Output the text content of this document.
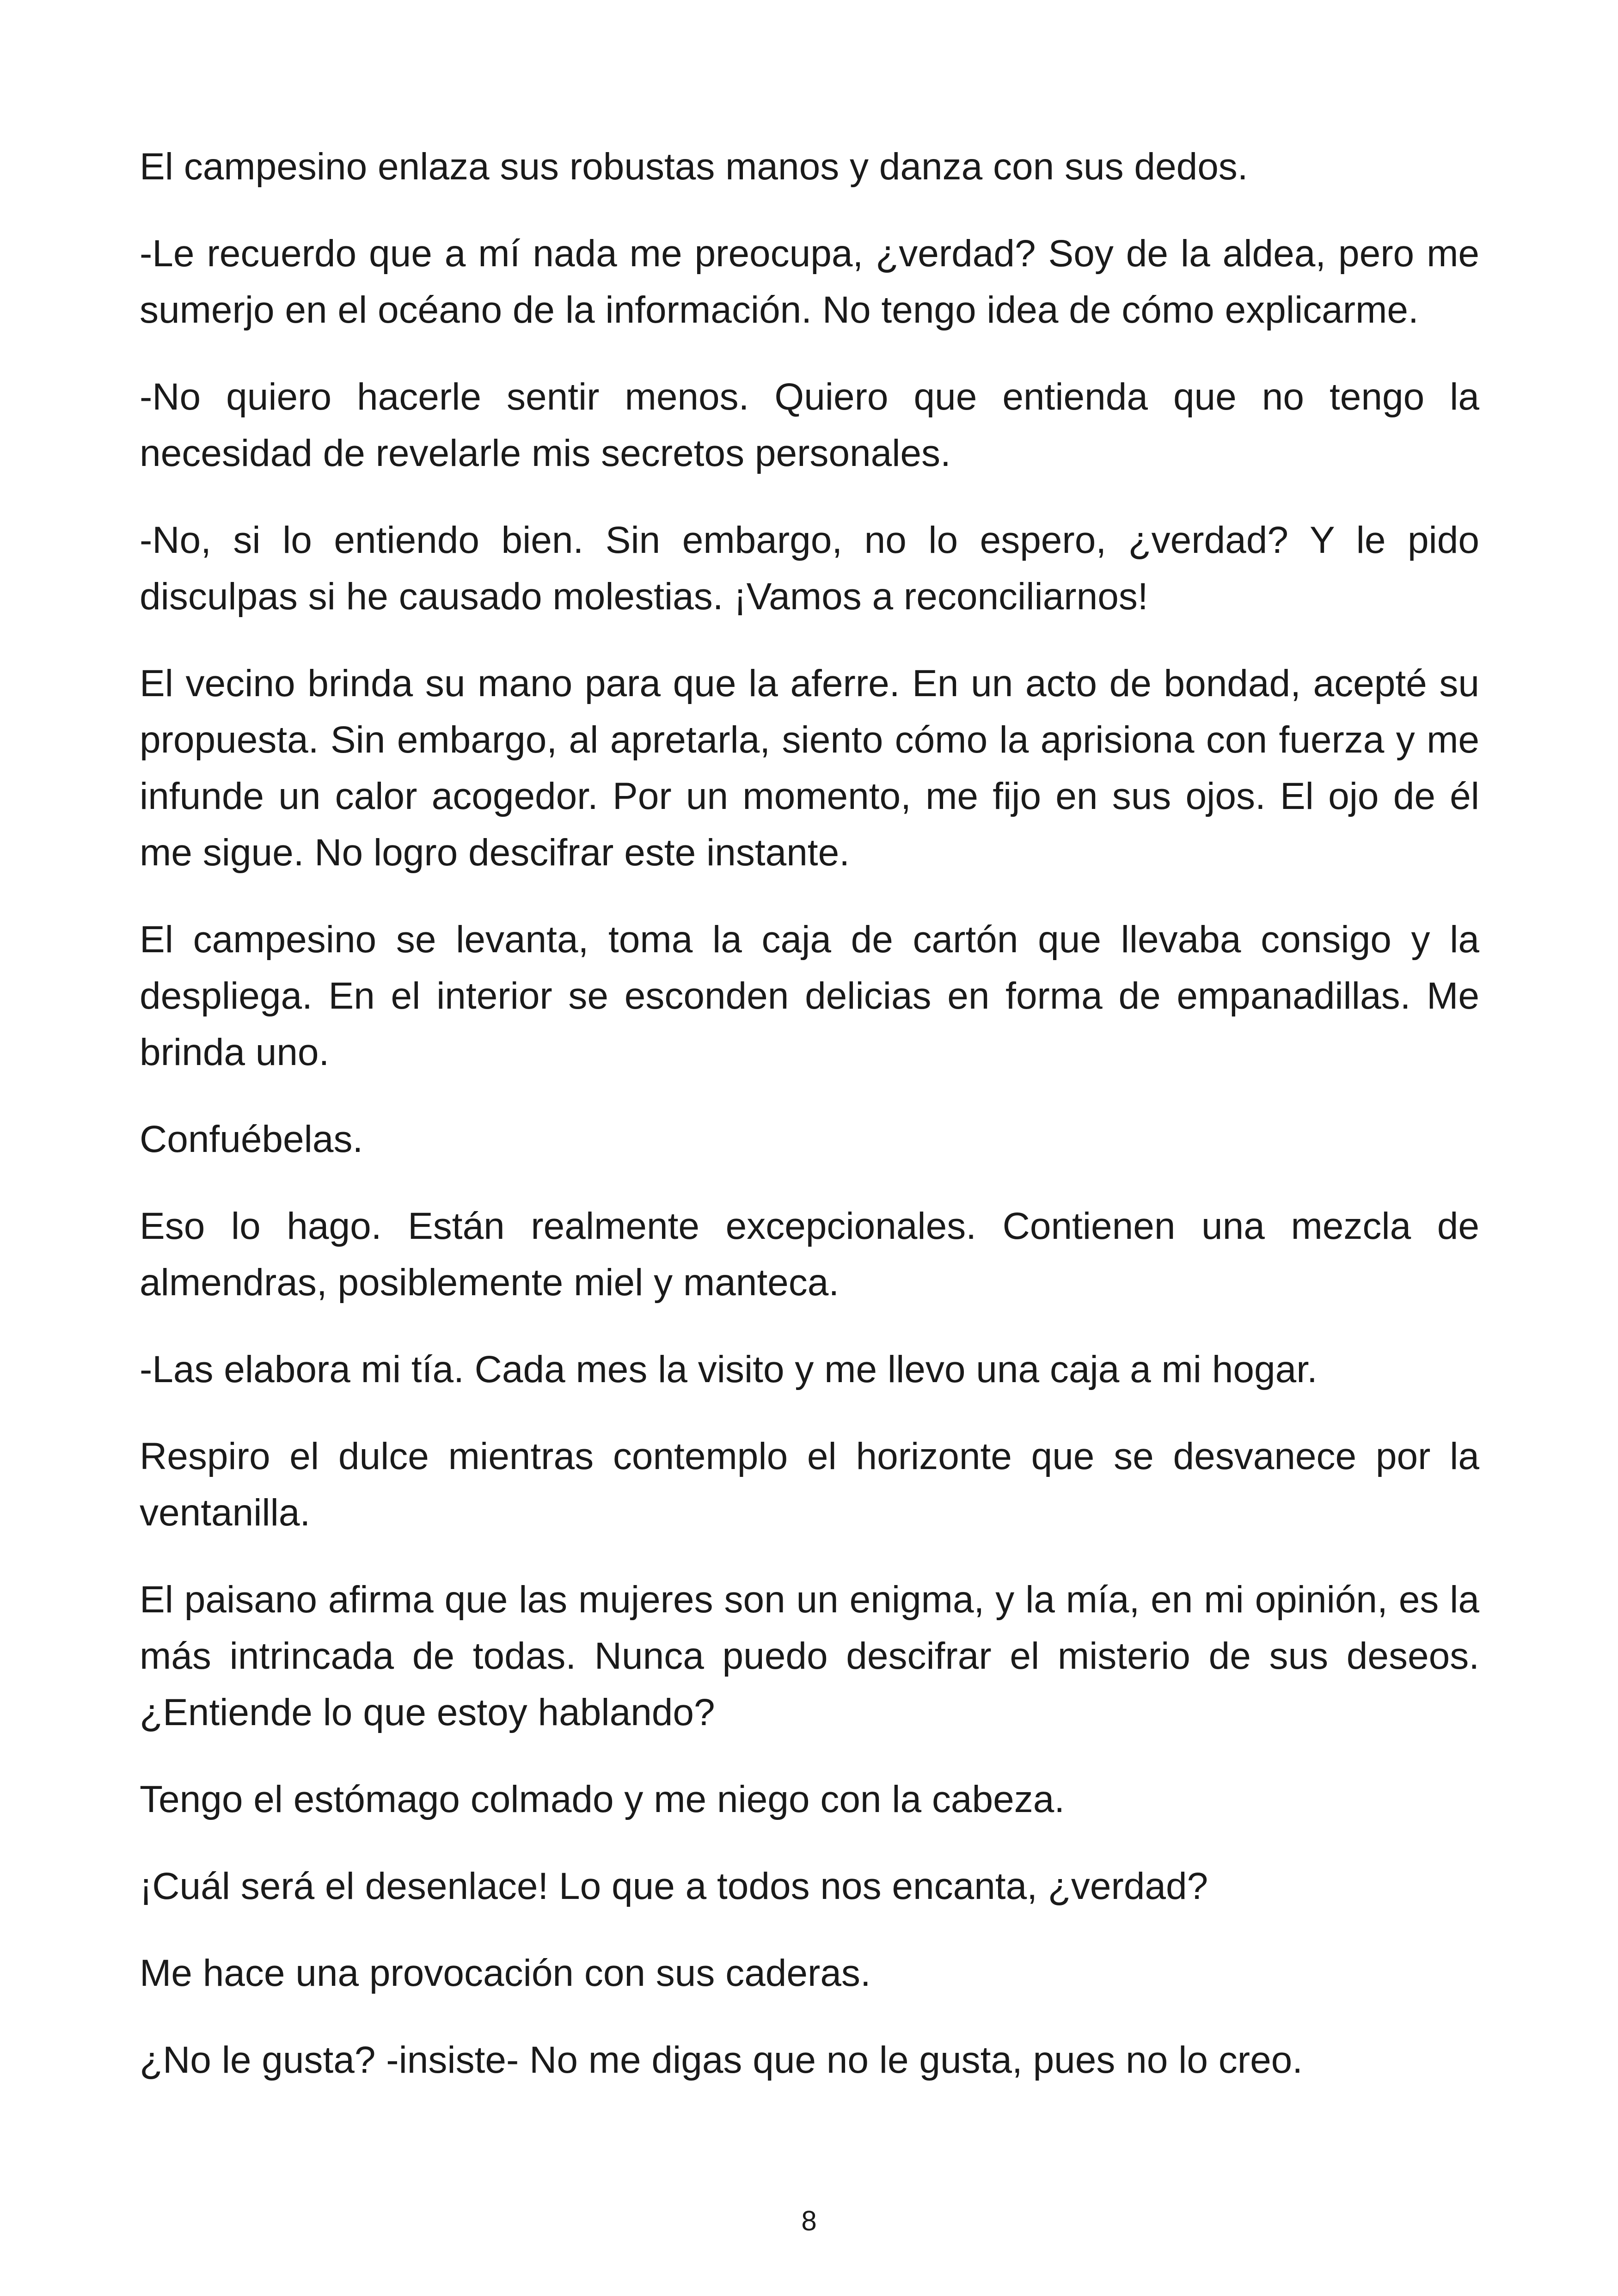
El campesino enlaza sus robustas manos y danza con sus dedos.

-Le recuerdo que a mí nada me preocupa, ¿verdad? Soy de la aldea, pero me sumerjo en el océano de la información. No tengo idea de cómo explicarme.

-No quiero hacerle sentir menos. Quiero que entienda que no tengo la necesidad de revelarle mis secretos personales.

-No, si lo entiendo bien. Sin embargo, no lo espero, ¿verdad? Y le pido disculpas si he causado molestias. ¡Vamos a reconciliarnos!

El vecino brinda su mano para que la aferre. En un acto de bondad, acepté su propuesta. Sin embargo, al apretarla, siento cómo la aprisiona con fuerza y me infunde un calor acogedor. Por un momento, me fijo en sus ojos. El ojo de él me sigue. No logro descifrar este instante.

El campesino se levanta, toma la caja de cartón que llevaba consigo y la despliega. En el interior se esconden delicias en forma de empanadillas. Me brinda uno.

Confuébelas.

Eso lo hago. Están realmente excepcionales. Contienen una mezcla de almendras, posiblemente miel y manteca.

-Las elabora mi tía. Cada mes la visito y me llevo una caja a mi hogar.

Respiro el dulce mientras contemplo el horizonte que se desvanece por la ventanilla.

El paisano afirma que las mujeres son un enigma, y la mía, en mi opinión, es la más intrincada de todas. Nunca puedo descifrar el misterio de sus deseos. ¿Entiende lo que estoy hablando?

Tengo el estómago colmado y me niego con la cabeza.

¡Cuál será el desenlace! Lo que a todos nos encanta, ¿verdad?

Me hace una provocación con sus caderas.

¿No le gusta? -insiste- No me digas que no le gusta, pues no lo creo.

8
